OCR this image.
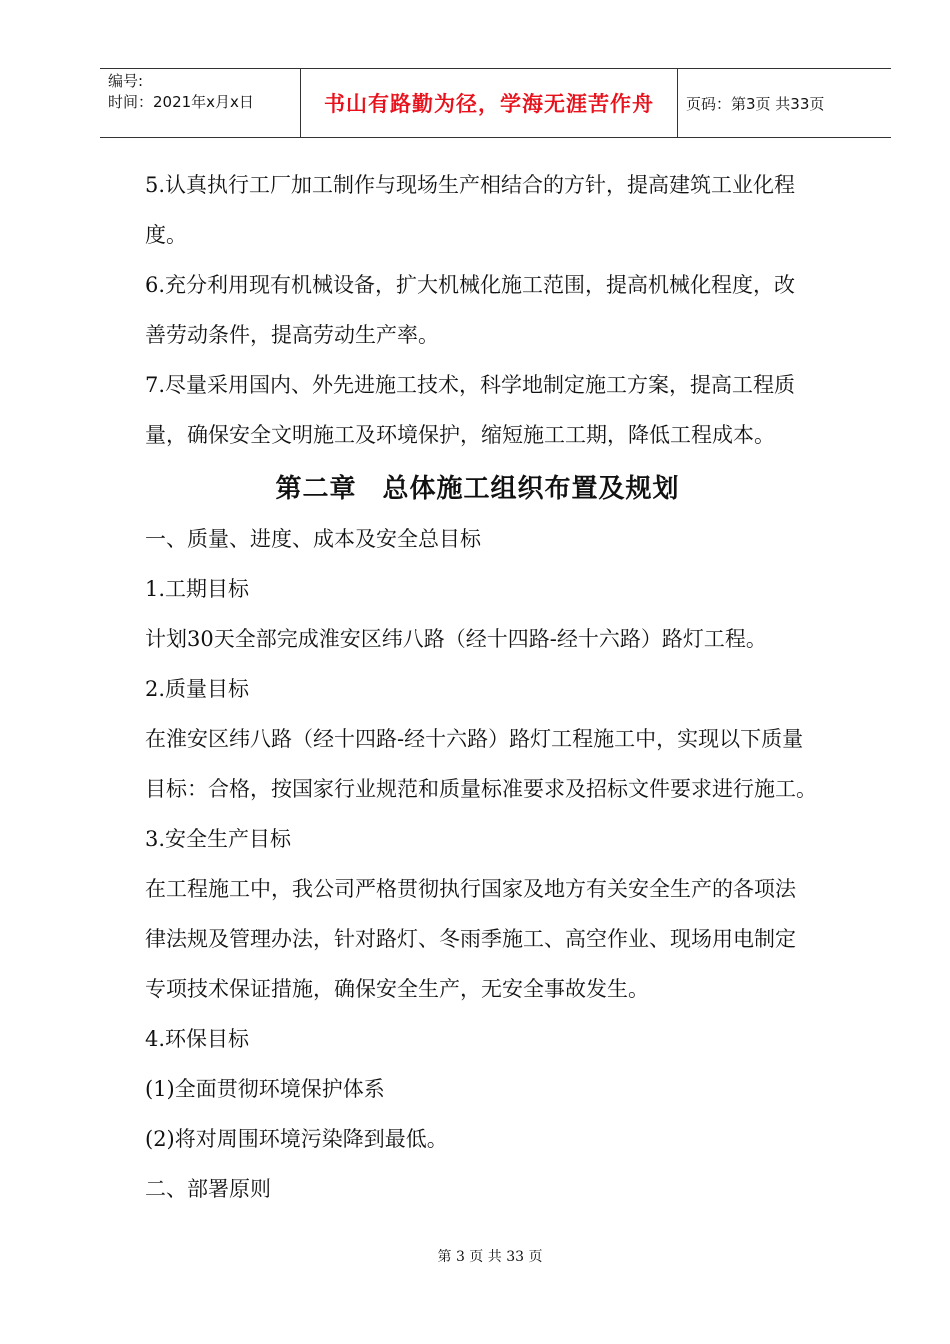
编号:
时间：2021年x月x日	书山有路勤为径，学海无涯苦作舟	页码：第3页 共33页

5.认真执行工厂加工制作与现场生产相结合的方针，提高建筑工业化程

度。

6.充分利用现有机械设备，扩大机械化施工范围，提高机械化程度，改

善劳动条件，提高劳动生产率。

7.尽量采用国内、外先进施工技术，科学地制定施工方案，提高工程质

量，确保安全文明施工及环境保护，缩短施工工期，降低工程成本。

第二章 总体施工组织布置及规划

一、质量、进度、成本及安全总目标

1.工期目标

计划30天全部完成淮安区纬八路（经十四路-经十六路）路灯工程。

2.质量目标

在淮安区纬八路（经十四路-经十六路）路灯工程施工中，实现以下质量

目标：合格，按国家行业规范和质量标准要求及招标文件要求进行施工。

3.安全生产目标

在工程施工中，我公司严格贯彻执行国家及地方有关安全生产的各项法

律法规及管理办法，针对路灯、冬雨季施工、高空作业、现场用电制定

专项技术保证措施，确保安全生产，无安全事故发生。

4.环保目标

(1)全面贯彻环境保护体系

(2)将对周围环境污染降到最低。

二、部署原则

第 3 页 共 33 页
